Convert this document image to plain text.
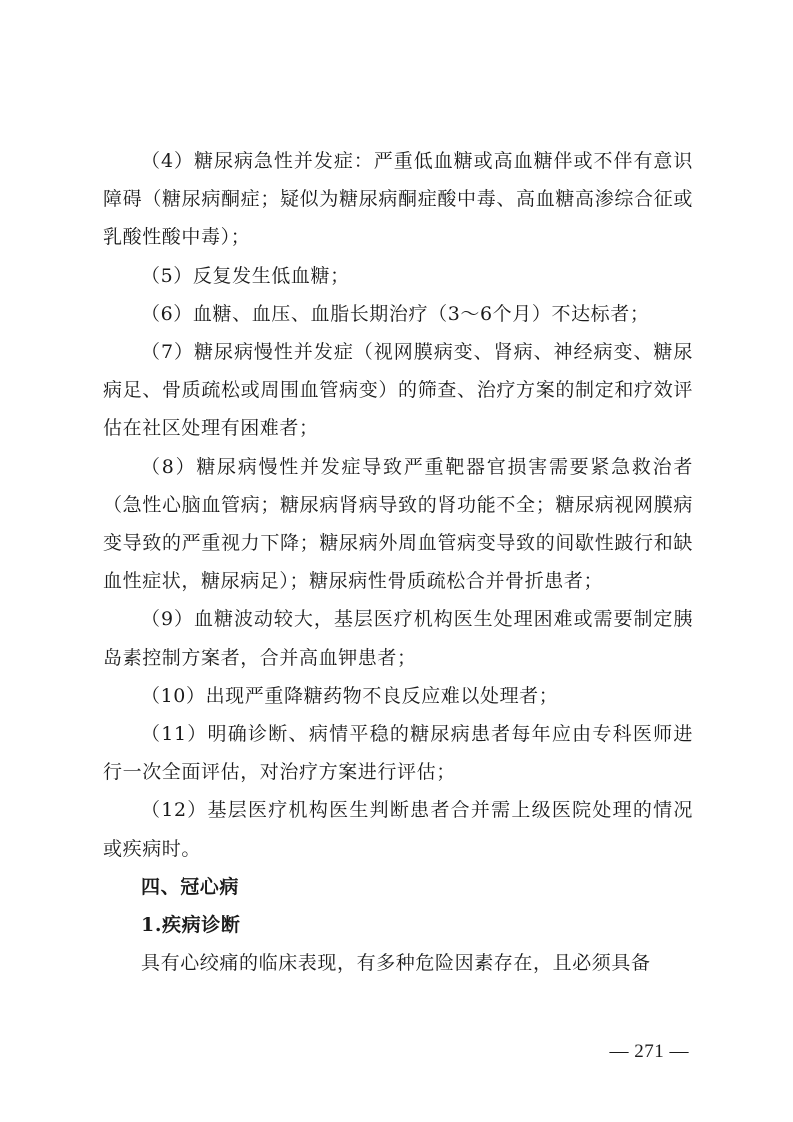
（4）糖尿病急性并发症：严重低血糖或高血糖伴或不伴有意识障碍（糖尿病酮症；疑似为糖尿病酮症酸中毒、高血糖高渗综合征或乳酸性酸中毒）；

（5）反复发生低血糖；

（6）血糖、血压、血脂长期治疗（3～6个月）不达标者；

（7）糖尿病慢性并发症（视网膜病变、肾病、神经病变、糖尿病足、骨质疏松或周围血管病变）的筛查、治疗方案的制定和疗效评估在社区处理有困难者；

（8）糖尿病慢性并发症导致严重靶器官损害需要紧急救治者（急性心脑血管病；糖尿病肾病导致的肾功能不全；糖尿病视网膜病变导致的严重视力下降；糖尿病外周血管病变导致的间歇性跛行和缺血性症状，糖尿病足）；糖尿病性骨质疏松合并骨折患者；

（9）血糖波动较大，基层医疗机构医生处理困难或需要制定胰岛素控制方案者，合并高血钾患者；

（10）出现严重降糖药物不良反应难以处理者；

（11）明确诊断、病情平稳的糖尿病患者每年应由专科医师进行一次全面评估，对治疗方案进行评估；

（12）基层医疗机构医生判断患者合并需上级医院处理的情况或疾病时。

四、冠心病

1.疾病诊断

具有心绞痛的临床表现，有多种危险因素存在，且必须具备

— 271 —
